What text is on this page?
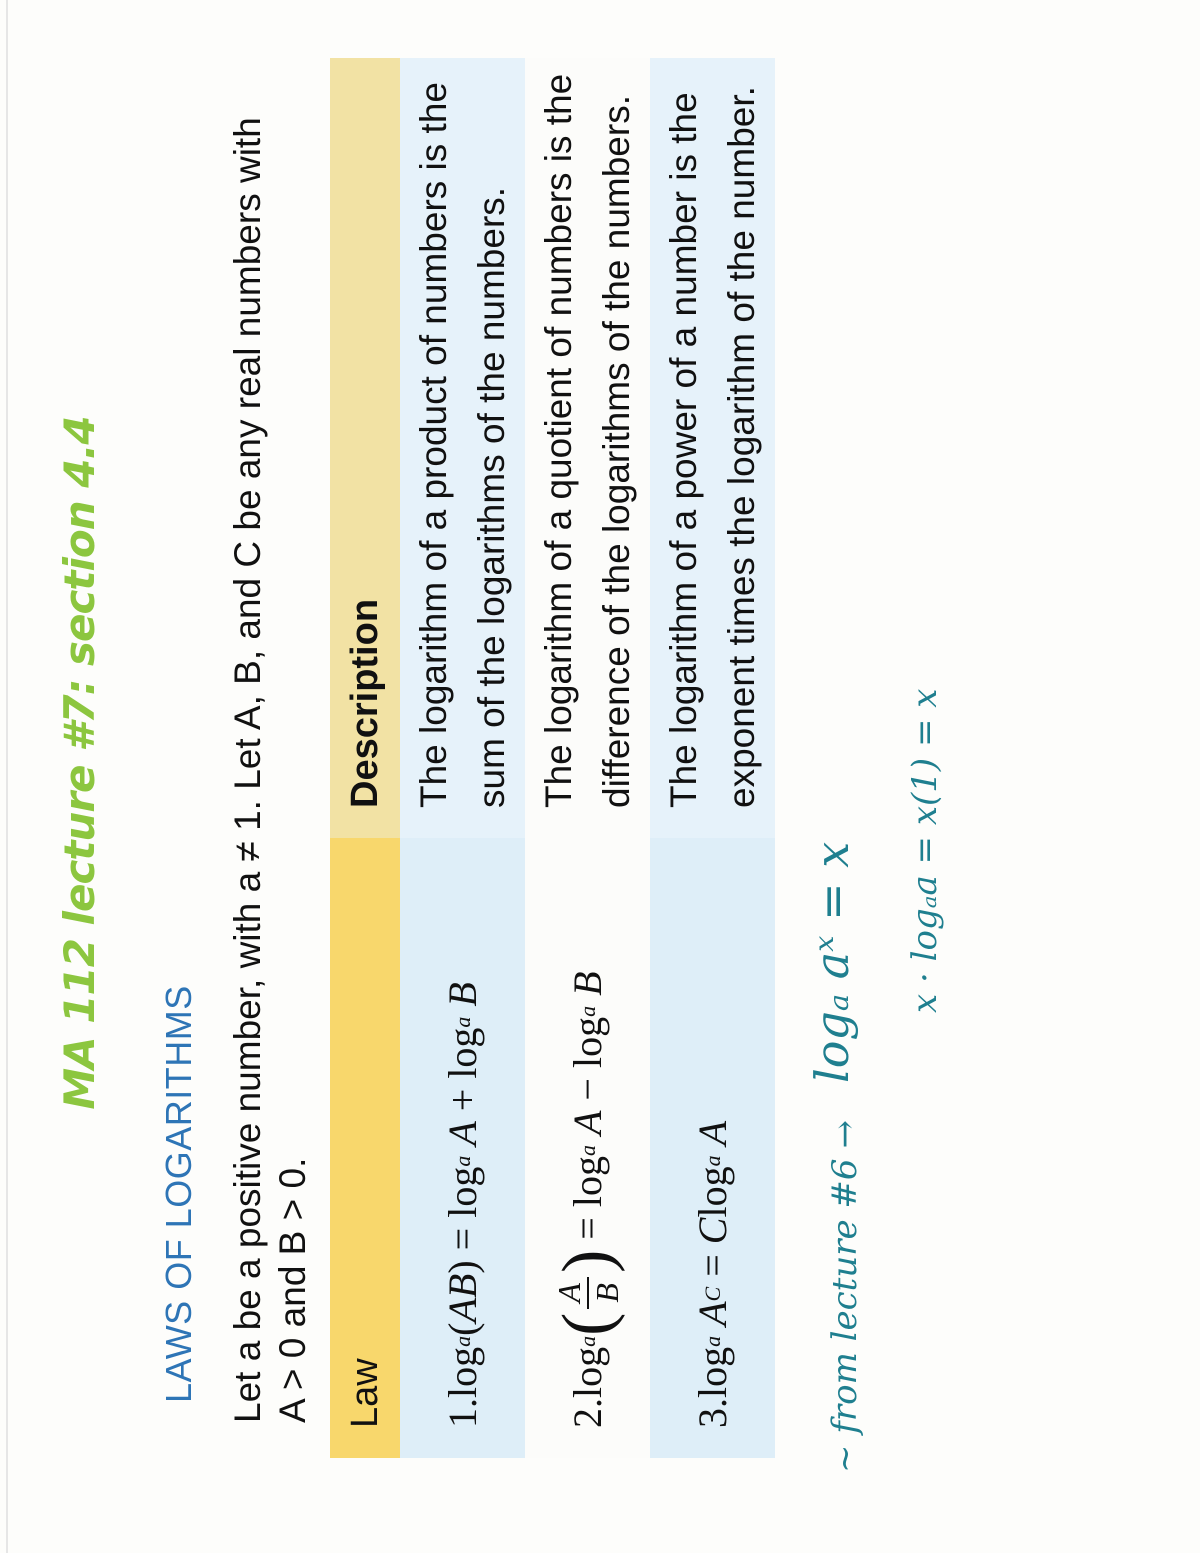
MA 112 lecture #7: section 4.4
LAWS OF LOGARITHMS Let a be a positive number, with a ≠ 1. Let A, B, and C be any real numbers with A > 0 and B > 0. Law
Description
1.
log
a
(
AB
) = log
a

A
+ log
a

B
The logarithm of a product of numbers is the sum of the logarithms of the numbers.
2.
log
a
(
A B
)
= log
a

A
− log
a

B
The logarithm of a quotient of numbers is the difference of the logarithms of the numbers.
3.
log
a

A
C
=
C
log
a

A
The logarithm of a power of a number is the exponent times the logarithm of the number.
~ from lecture #6→
logₐ aˣ = x x · logₐa = x(1) = x
